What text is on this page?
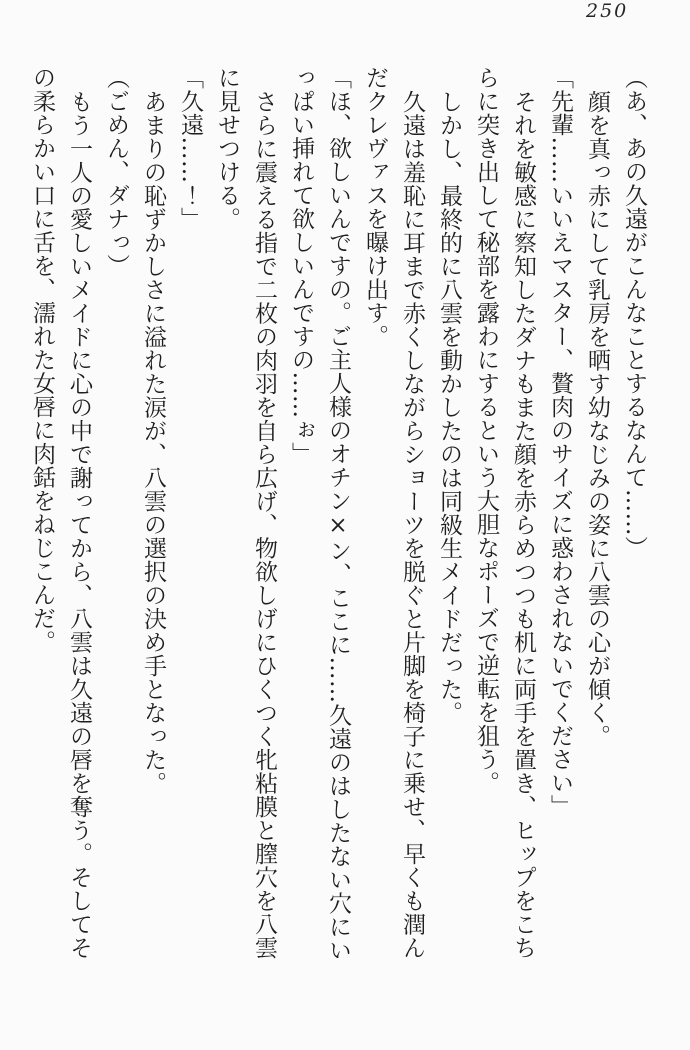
250

（あ、あの久遠がこんなことするなんて……）

顔を真っ赤にして乳房を晒す幼なじみの姿に八雲の心が傾く。

「先輩……いいえマスター、贅肉のサイズに惑わされないでください」

それを敏感に察知したダナもまた顔を赤らめつつも机に両手を置き、ヒップをこち

らに突き出して秘部を露わにするという大胆なポーズで逆転を狙う。

しかし、最終的に八雲を動かしたのは同級生メイドだった。

久遠は羞恥に耳まで赤くしながらショーツを脱ぐと片脚を椅子に乗せ、早くも潤ん

だクレヴァスを曝け出す。

「ほ、欲しいんですの。ご主人様のオチン×ン、ここに……久遠のはしたない穴にい

っぱい挿れて欲しいんですの……ぉ」

さらに震える指で二枚の肉羽を自ら広げ、物欲しげにひくつく牝粘膜と膣穴を八雲

に見せつける。

「久遠……！」

あまりの恥ずかしさに溢れた涙が、八雲の選択の決め手となった。

（ごめん、ダナっ）

もう一人の愛しいメイドに心の中で謝ってから、八雲は久遠の唇を奪う。そしてそ

の柔らかい口に舌を、濡れた女唇に肉銛をねじこんだ。
